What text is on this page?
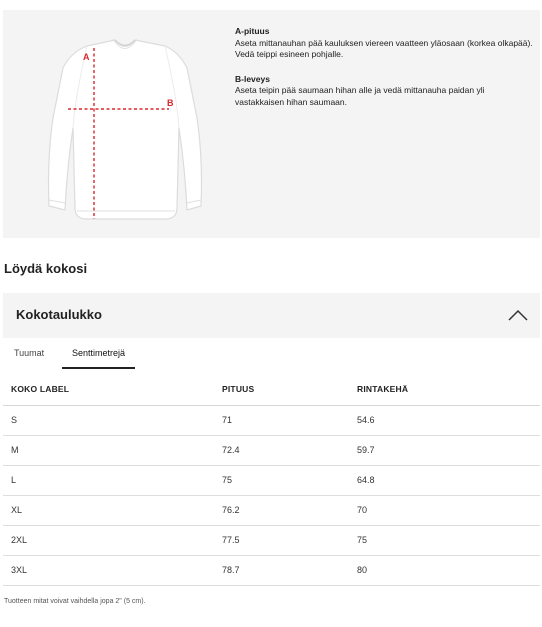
A
B
A-pituus
Aseta mittanauhan pää kauluksen viereen vaatteen yläosaan (korkea olkapää). Vedä teippi esineen pohjalle.
B-leveys
Aseta teipin pää saumaan hihan alle ja vedä mittanauha paidan yli vastakkaisen hihan saumaan.
Löydä kokosi
Kokotaulukko
Tuumat	Senttimetrejä
KOKO LABEL	PITUUS	RINTAKEHÄ
S	71	54.6
M	72.4	59.7
L	75	64.8
XL	76.2	70
2XL	77.5	75
3XL	78.7	80

Tuotteen mitat voivat vaihdella jopa 2" (5 cm).
